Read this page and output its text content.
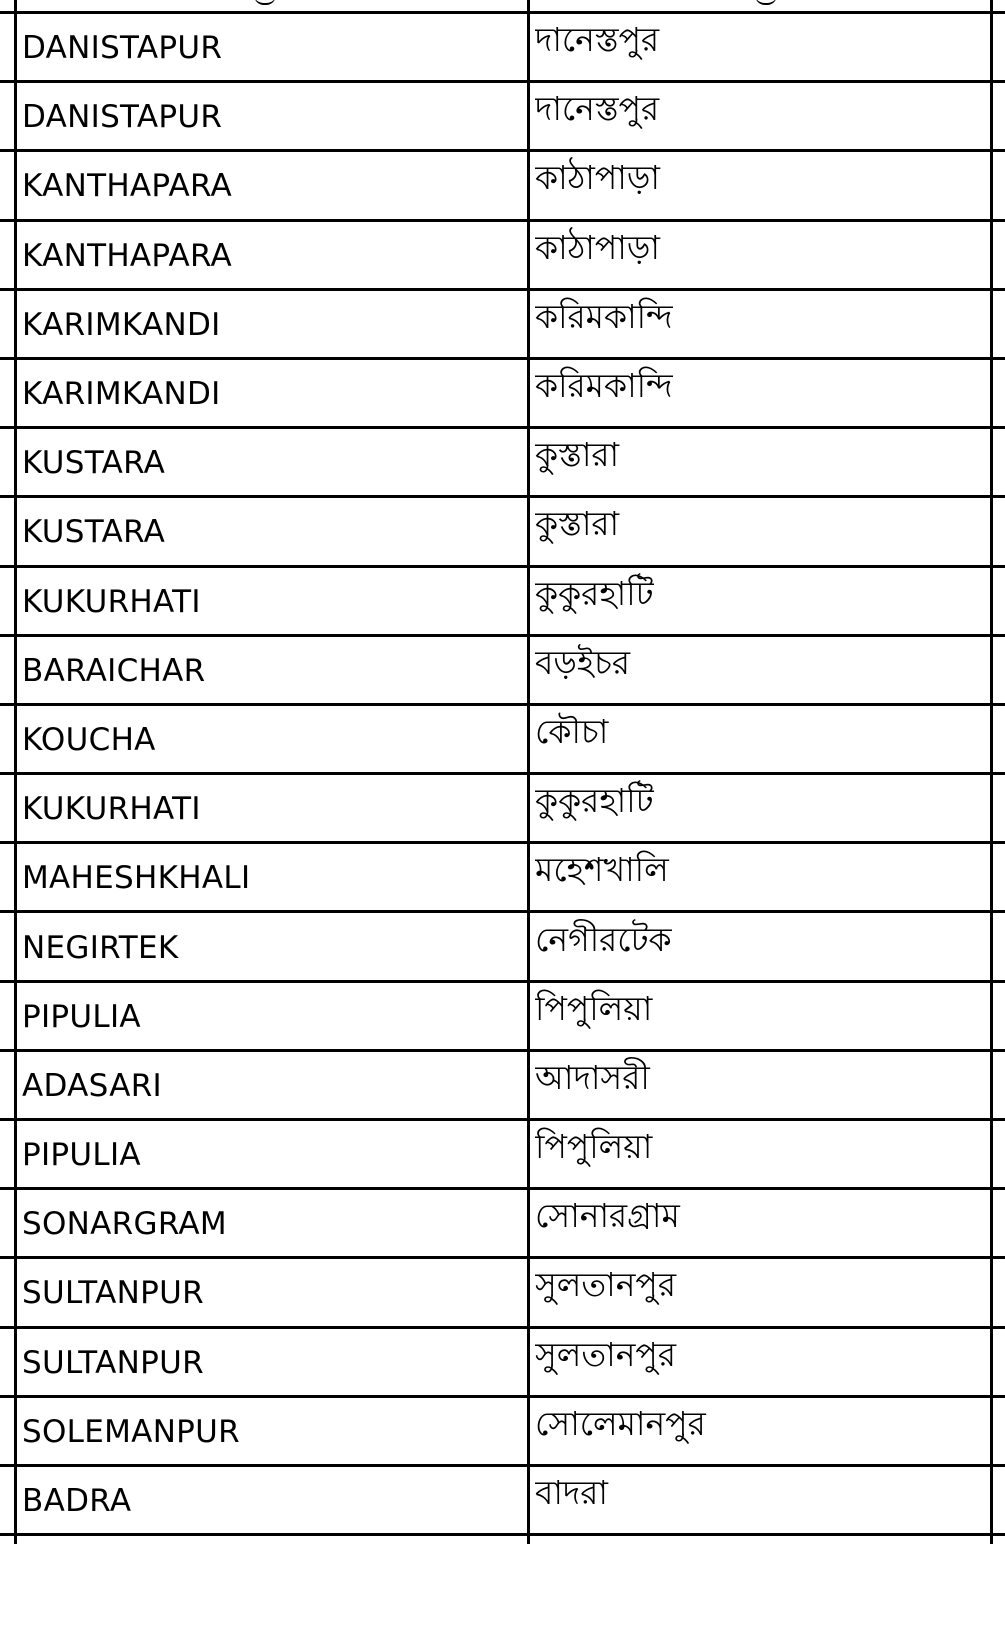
DANISTAPUR	দানেস্তপুর
DANISTAPUR	দানেস্তপুর
KANTHAPARA	কাঠাপাড়া
KANTHAPARA	কাঠাপাড়া
KARIMKANDI	করিমকান্দি
KARIMKANDI	করিমকান্দি
KUSTARA	কুস্তারা
KUSTARA	কুস্তারা
KUKURHATI	কুকুরহাটি
BARAICHAR	বড়ইচর
KOUCHA	কৌচা
KUKURHATI	কুকুরহাটি
MAHESHKHALI	মহেশখালি
NEGIRTEK	নেগীরটেক
PIPULIA	পিপুলিয়া
ADASARI	আদাসরী
PIPULIA	পিপুলিয়া
SONARGRAM	সোনারগ্রাম
SULTANPUR	সুলতানপুর
SULTANPUR	সুলতানপুর
SOLEMANPUR	সোলেমানপুর
BADRA	বাদরা
